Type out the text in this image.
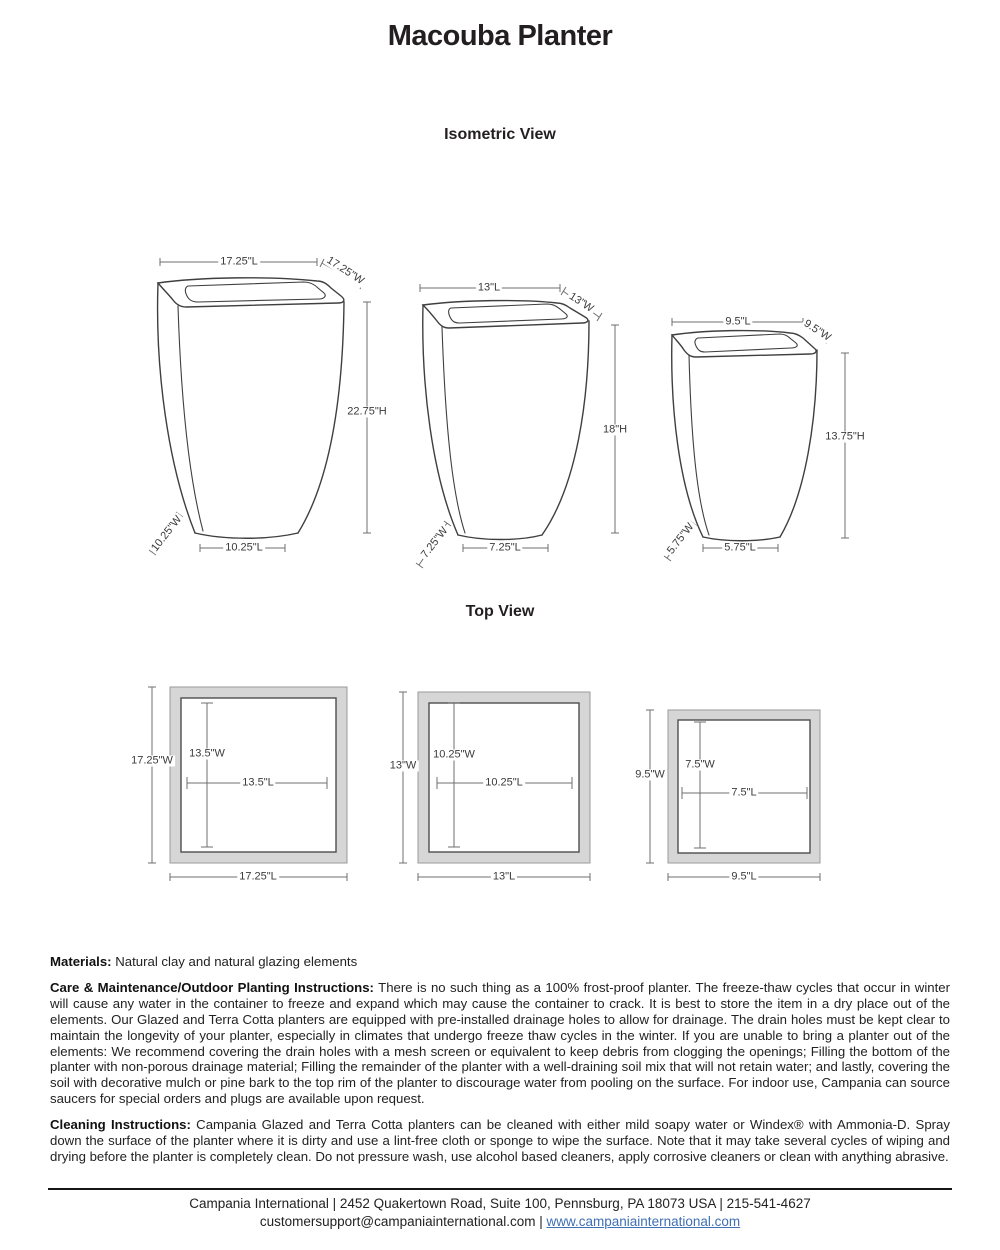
Macouba Planter
Isometric View
17.25"L	17.25"W
22.75"H
10.25"W	10.25"L
13"L
13"W
18"H
7.25"W	7.25"L
9.5"L	9.5"W
13.75"H
5.75"W	5.75"L
Top View
17.25"W
13.5"W
13.5"L
17.25"L
13"W
10.25"W
10.25"L
13"L
9.5"W
7.5"W
7.5"L
9.5"L

Materials: Natural clay and natural glazing elements

Care & Maintenance/Outdoor Planting Instructions: There is no such thing as a 100% frost-proof planter. The freeze-thaw cycles that occur in winter will cause any water in the container to freeze and expand which may cause the container to crack. It is best to store the item in a dry place out of the elements. Our Glazed and Terra Cotta planters are equipped with pre-installed drainage holes to allow for drainage. The drain holes must be kept clear to maintain the longevity of your planter, especially in climates that undergo freeze thaw cycles in the winter. If you are unable to bring a planter out of the elements: We recommend covering the drain holes with a mesh screen or equivalent to keep debris from clogging the openings; Filling the bottom of the planter with non-porous drainage material; Filling the remainder of the planter with a well-draining soil mix that will not retain water; and lastly, covering the soil with decorative mulch or pine bark to the top rim of the planter to discourage water from pooling on the surface. For indoor use, Campania can source saucers for special orders and plugs are available upon request.

Cleaning Instructions: Campania Glazed and Terra Cotta planters can be cleaned with either mild soapy water or Windex® with Ammonia-D. Spray down the surface of the planter where it is dirty and use a lint-free cloth or sponge to wipe the surface. Note that it may take several cycles of wiping and drying before the planter is completely clean. Do not pressure wash, use alcohol based cleaners, apply corrosive cleaners or clean with anything abrasive.

Campania International | 2452 Quakertown Road, Suite 100, Pennsburg, PA 18073 USA | 215-541-4627
customersupport@campaniainternational.com | www.campaniainternational.com
